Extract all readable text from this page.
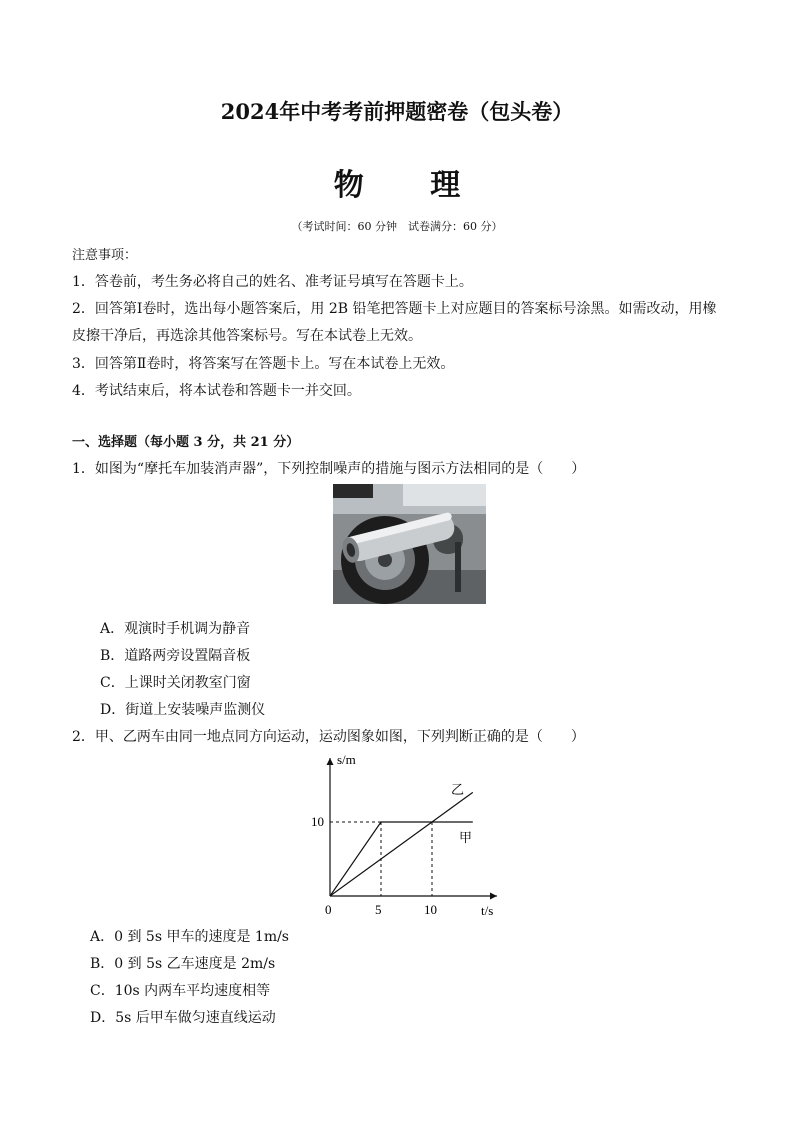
2024年中考考前押题密卷（包头卷）
物 理
（考试时间：60 分钟　试卷满分：60 分）
注意事项：
1．答卷前，考生务必将自己的姓名、准考证号填写在答题卡上。
2．回答第Ⅰ卷时，选出每小题答案后，用 2B 铅笔把答题卡上对应题目的答案标号涂黑。如需改动，用橡
皮擦干净后，再选涂其他答案标号。写在本试卷上无效。
3．回答第Ⅱ卷时，将答案写在答题卡上。写在本试卷上无效。
4．考试结束后，将本试卷和答题卡一并交回。
一、选择题（每小题 3 分，共 21 分）
1．如图为“摩托车加装消声器”，下列控制噪声的措施与图示方法相同的是（　　）
A．观演时手机调为静音
B．道路两旁设置隔音板
C．上课时关闭教室门窗
D．街道上安装噪声监测仪
2．甲、乙两车由同一地点同方向运动，运动图象如图，下列判断正确的是（　　）
s/m
t/s
0	5	10
10
乙
甲
A．0 到 5s 甲车的速度是 1m/s
B．0 到 5s 乙车速度是 2m/s
C．10s 内两车平均速度相等
D．5s 后甲车做匀速直线运动
